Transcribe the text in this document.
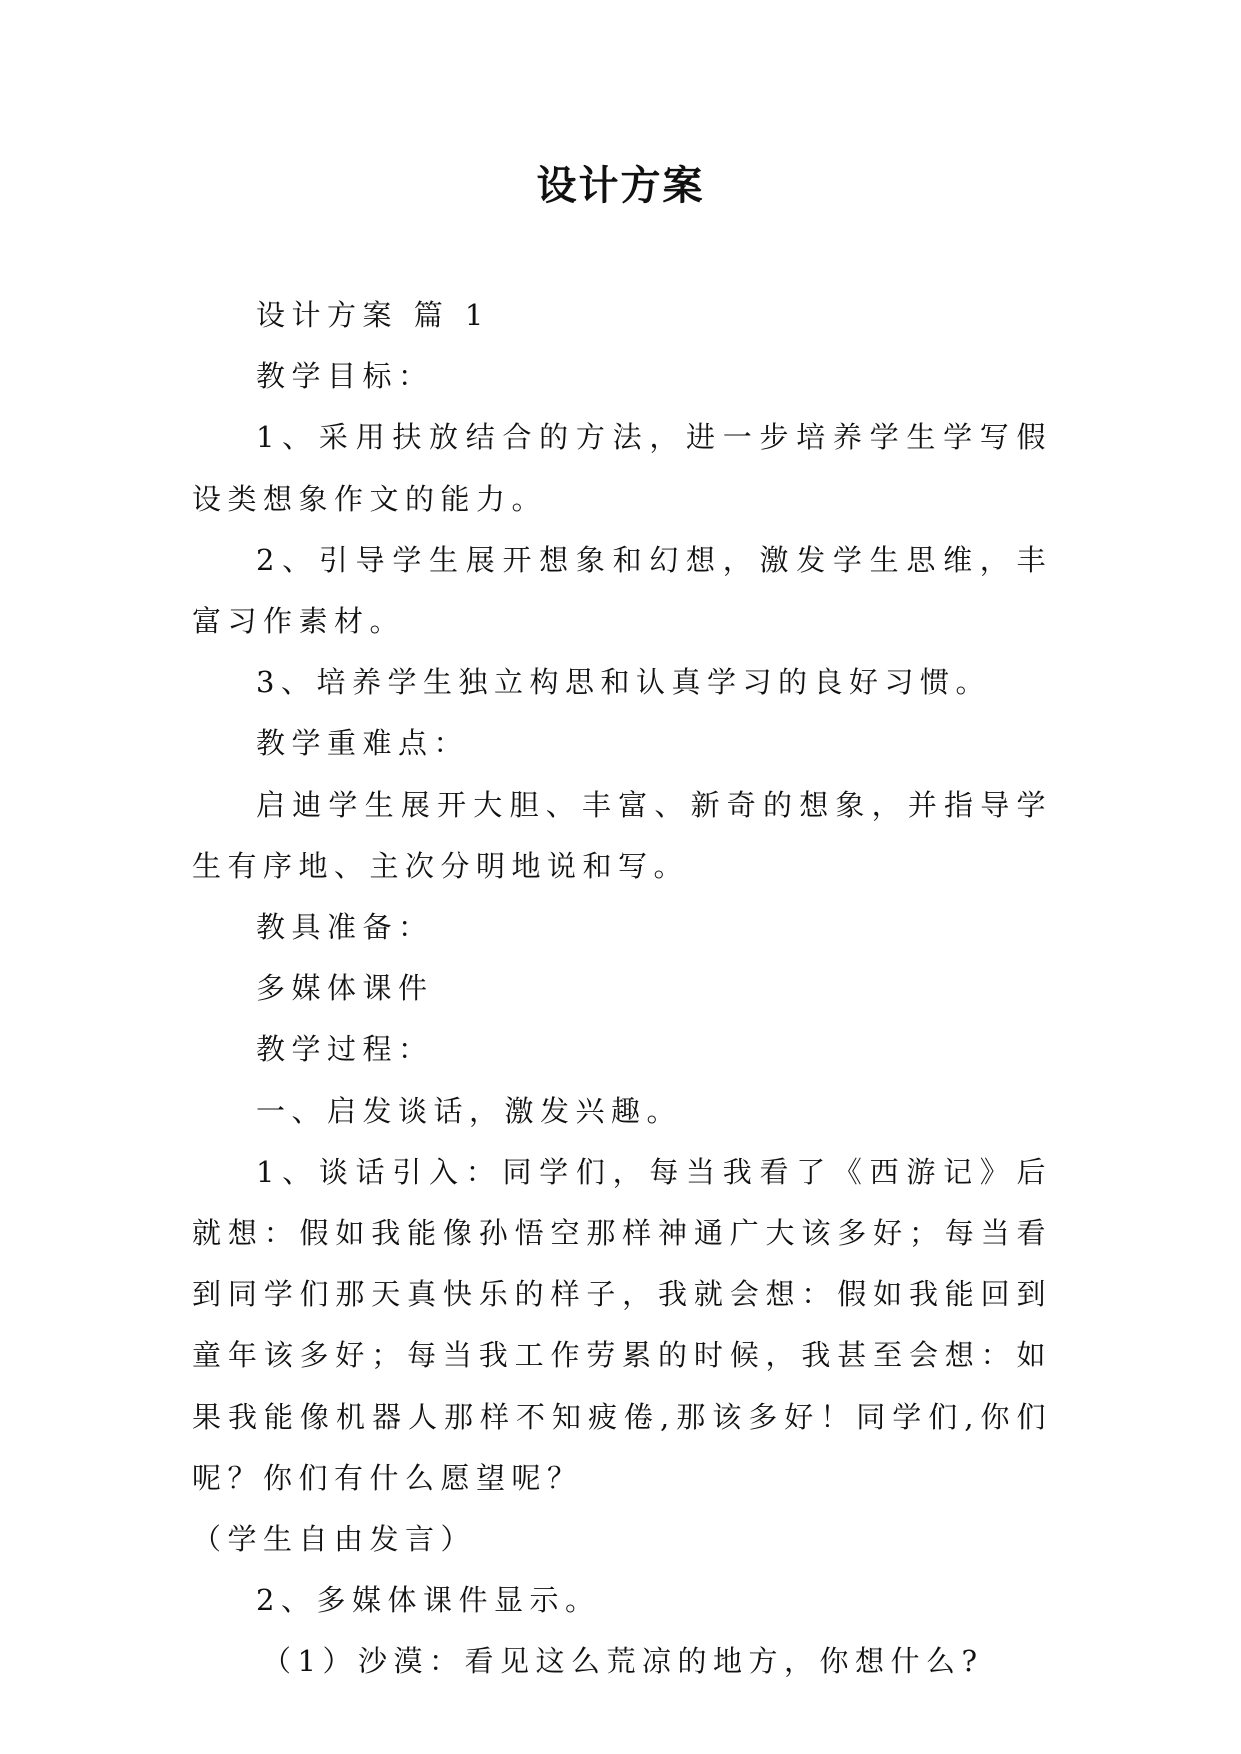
设计方案

设计方案 篇 1

教学目标：

1、采用扶放结合的方法，进一步培养学生学写假设类想象作文的能力。

2、引导学生展开想象和幻想，激发学生思维，丰富习作素材。

3、培养学生独立构思和认真学习的良好习惯。

教学重难点：

启迪学生展开大胆、丰富、新奇的想象，并指导学生有序地、主次分明地说和写。

教具准备：

多媒体课件

教学过程：

一、启发谈话，激发兴趣。

1、谈话引入：同学们，每当我看了《西游记》后就想：假如我能像孙悟空那样神通广大该多好；每当看到同学们那天真快乐的样子，我就会想：假如我能回到童年该多好；每当我工作劳累的时候，我甚至会想：如果我能像机器人那样不知疲倦,那该多好！同学们,你们呢？你们有什么愿望呢？

（学生自由发言）

2、多媒体课件显示。

（1）沙漠：看见这么荒凉的地方，你想什么?
